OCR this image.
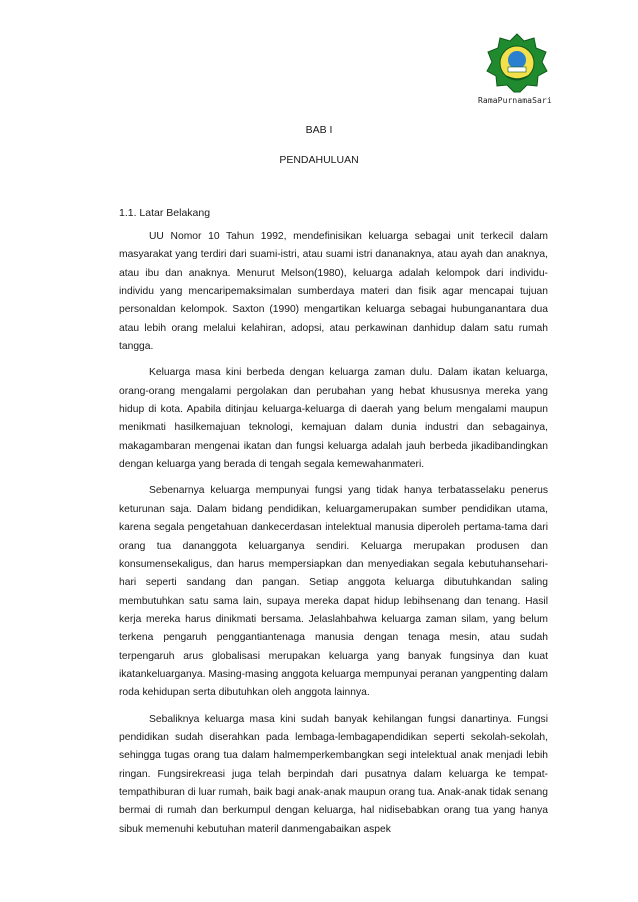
RamaPurnamaSari
BAB I
PENDAHULUAN
1.1. Latar Belakang

UU Nomor 10 Tahun 1992, mendefinisikan keluarga sebagai unit terkecil dalam masyarakat yang terdiri dari suami-istri, atau suami istri dananaknya, atau ayah dan anaknya, atau ibu dan anaknya. Menurut Melson(1980), keluarga adalah kelompok dari individu-individu yang mencaripemaksimalan sumberdaya materi dan fisik agar mencapai tujuan personaldan kelompok. Saxton (1990) mengartikan keluarga sebagai hubunganantara dua atau lebih orang melalui kelahiran, adopsi, atau perkawinan danhidup dalam satu rumah tangga.

Keluarga masa kini berbeda dengan keluarga zaman dulu. Dalam ikatan keluarga, orang-orang mengalami pergolakan dan perubahan yang hebat khususnya mereka yang hidup di kota. Apabila ditinjau keluarga-keluarga di daerah yang belum mengalami maupun menikmati hasilkemajuan teknologi, kemajuan dalam dunia industri dan sebagainya, makagambaran mengenai ikatan dan fungsi keluarga adalah jauh berbeda jikadibandingkan dengan keluarga yang berada di tengah segala kemewahanmateri.

Sebenarnya keluarga mempunyai fungsi yang tidak hanya terbatasselaku penerus keturunan saja. Dalam bidang pendidikan, keluargamerupakan sumber pendidikan utama, karena segala pengetahuan dankecerdasan intelektual manusia diperoleh pertama-tama dari orang tua dananggota keluarganya sendiri. Keluarga merupakan produsen dan konsumensekaligus, dan harus mempersiapkan dan menyediakan segala kebutuhansehari-hari seperti sandang dan pangan. Setiap anggota keluarga dibutuhkandan saling membutuhkan satu sama lain, supaya mereka dapat hidup lebihsenang dan tenang. Hasil kerja mereka harus dinikmati bersama. Jelaslahbahwa keluarga zaman silam, yang belum terkena pengaruh penggantiantenaga manusia dengan tenaga mesin, atau sudah terpengaruh arus globalisasi merupakan keluarga yang banyak fungsinya dan kuat ikatankeluarganya. Masing-masing anggota keluarga mempunyai peranan yangpenting dalam roda kehidupan serta dibutuhkan oleh anggota lainnya.

Sebaliknya keluarga masa kini sudah banyak kehilangan fungsi danartinya. Fungsi pendidikan sudah diserahkan pada lembaga-lembagapendidikan seperti sekolah-sekolah, sehingga tugas orang tua dalam halmemperkembangkan segi intelektual anak menjadi lebih ringan. Fungsirekreasi juga telah berpindah dari pusatnya dalam keluarga ke tempat-tempathiburan di luar rumah, baik bagi anak-anak maupun orang tua. Anak-anak tidak senang bermai di rumah dan berkumpul dengan keluarga, hal nidisebabkan orang tua yang hanya sibuk memenuhi kebutuhan materil danmengabaikan aspek
